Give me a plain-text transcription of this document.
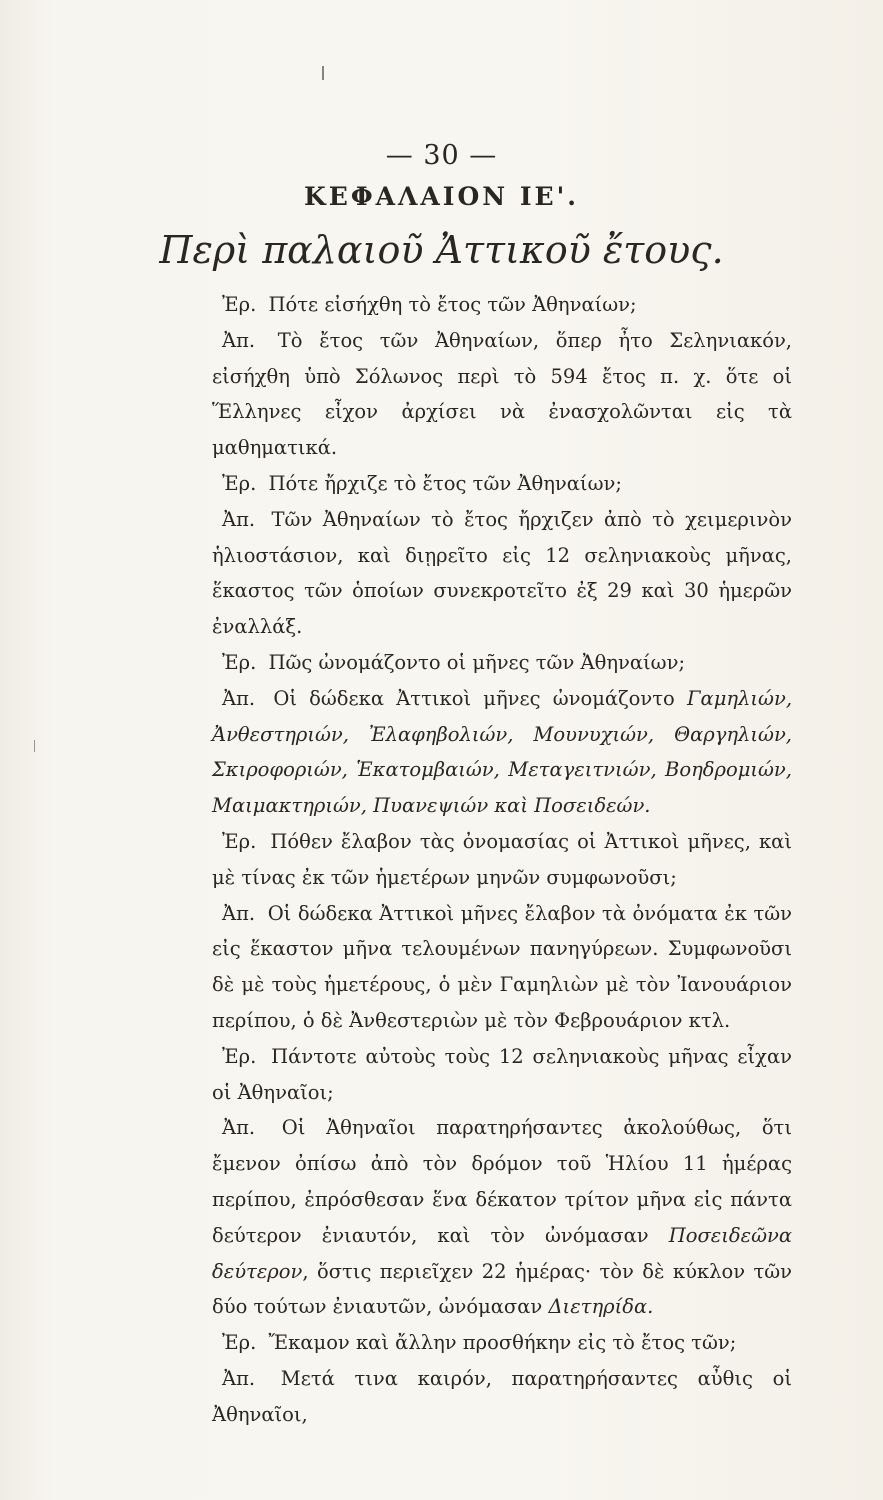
— 30 —
ΚΕΦΑΛΑΙΟΝ ΙΕ'.
Περὶ παλαιοῦ Ἀττικοῦ ἔτους.

Ἐρ. Πότε εἰσήχθη τὸ ἔτος τῶν Ἀθηναίων;

Ἀπ. Τὸ ἔτος τῶν Ἀθηναίων, ὅπερ ἦτο Σεληνιακόν, εἰσήχθη ὑπὸ Σόλωνος περὶ τὸ 594 ἔτος π. χ. ὅτε οἱ Ἕλληνες εἶχον ἀρχίσει νὰ ἐνασχολῶνται εἰς τὰ μαθηματικά.

Ἐρ. Πότε ἤρχιζε τὸ ἔτος τῶν Ἀθηναίων;

Ἀπ. Τῶν Ἀθηναίων τὸ ἔτος ἤρχιζεν ἀπὸ τὸ χειμερινὸν ἡλιοστάσιον, καὶ διῃρεῖτο εἰς 12 σεληνιακοὺς μῆνας, ἕκαστος τῶν ὁποίων συνεκροτεῖτο ἐξ 29 καὶ 30 ἡμερῶν ἐναλλάξ.

Ἐρ. Πῶς ὠνομάζοντο οἱ μῆνες τῶν Ἀθηναίων;

Ἀπ. Οἱ δώδεκα Ἀττικοὶ μῆνες ὠνομάζοντο Γαμηλιών, Ἀνθεστηριών, Ἐλαφηβολιών, Μουνυχιών, Θαργηλιών, Σκιροφοριών, Ἑκατομβαιών, Μεταγειτνιών, Βοηδρομιών, Μαιμακτηριών, Πυανεψιών καὶ Ποσειδεών.

Ἐρ. Πόθεν ἔλαβον τὰς ὀνομασίας οἱ Ἀττικοὶ μῆνες, καὶ μὲ τίνας ἐκ τῶν ἡμετέρων μηνῶν συμφωνοῦσι;

Ἀπ. Οἱ δώδεκα Ἀττικοὶ μῆνες ἔλαβον τὰ ὀνόματα ἐκ τῶν εἰς ἕκαστον μῆνα τελουμένων πανηγύρεων. Συμφωνοῦσι δὲ μὲ τοὺς ἡμετέρους, ὁ μὲν Γαμηλιὼν μὲ τὸν Ἰανουάριον περίπου, ὁ δὲ Ἀνθεστεριὼν μὲ τὸν Φεβρουάριον κτλ.

Ἐρ. Πάντοτε αὐτοὺς τοὺς 12 σεληνιακοὺς μῆνας εἶχαν οἱ Ἀθηναῖοι;

Ἀπ. Οἱ Ἀθηναῖοι παρατηρήσαντες ἀκολούθως, ὅτι ἔμενον ὀπίσω ἀπὸ τὸν δρόμον τοῦ Ἡλίου 11 ἡμέρας περίπου, ἐπρόσθεσαν ἕνα δέκατον τρίτον μῆνα εἰς πάντα δεύτερον ἐνιαυτόν, καὶ τὸν ὠνόμασαν Ποσειδεῶνα δεύτερον, ὅστις περιεῖχεν 22 ἡμέρας· τὸν δὲ κύκλον τῶν δύο τούτων ἐνιαυτῶν, ὠνόμασαν Διετηρίδα.

Ἐρ. Ἔκαμον καὶ ἄλλην προσθήκην εἰς τὸ ἔτος τῶν;

Ἀπ. Μετά τινα καιρόν, παρατηρήσαντες αὖθις οἱ Ἀθηναῖοι,
